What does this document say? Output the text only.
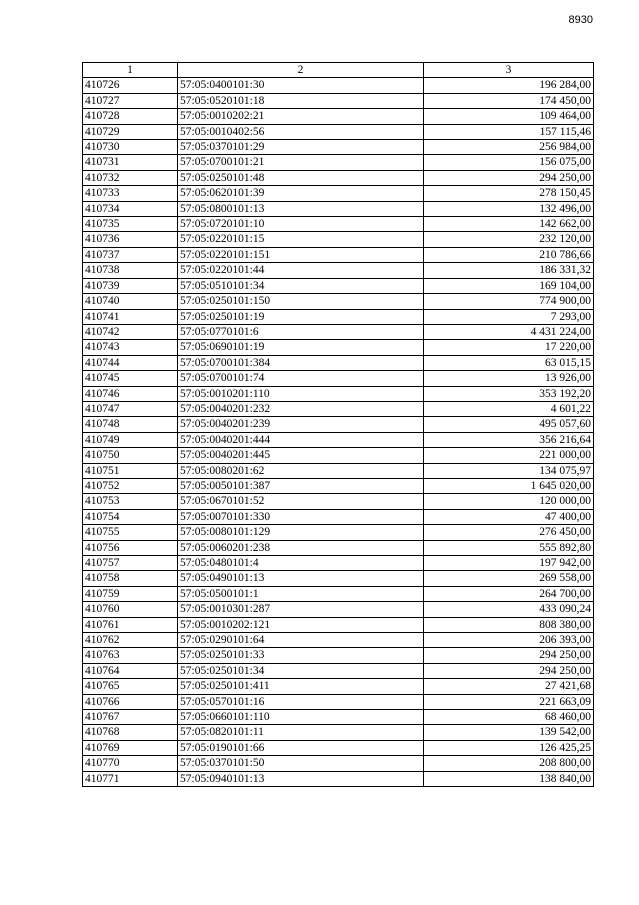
8930
1	2	3
410726	57:05:0400101:30	196 284,00
410727	57:05:0520101:18	174 450,00
410728	57:05:0010202:21	109 464,00
410729	57:05:0010402:56	157 115,46
410730	57:05:0370101:29	256 984,00
410731	57:05:0700101:21	156 075,00
410732	57:05:0250101:48	294 250,00
410733	57:05:0620101:39	278 150,45
410734	57:05:0800101:13	132 496,00
410735	57:05:0720101:10	142 662,00
410736	57:05:0220101:15	232 120,00
410737	57:05:0220101:151	210 786,66
410738	57:05:0220101:44	186 331,32
410739	57:05:0510101:34	169 104,00
410740	57:05:0250101:150	774 900,00
410741	57:05:0250101:19	7 293,00
410742	57:05:0770101:6	4 431 224,00
410743	57:05:0690101:19	17 220,00
410744	57:05:0700101:384	63 015,15
410745	57:05:0700101:74	13 926,00
410746	57:05:0010201:110	353 192,20
410747	57:05:0040201:232	4 601,22
410748	57:05:0040201:239	495 057,60
410749	57:05:0040201:444	356 216,64
410750	57:05:0040201:445	221 000,00
410751	57:05:0080201:62	134 075,97
410752	57:05:0050101:387	1 645 020,00
410753	57:05:0670101:52	120 000,00
410754	57:05:0070101:330	47 400,00
410755	57:05:0080101:129	276 450,00
410756	57:05:0060201:238	555 892,80
410757	57:05:0480101:4	197 942,00
410758	57:05:0490101:13	269 558,00
410759	57:05:0500101:1	264 700,00
410760	57:05:0010301:287	433 090,24
410761	57:05:0010202:121	808 380,00
410762	57:05:0290101:64	206 393,00
410763	57:05:0250101:33	294 250,00
410764	57:05:0250101:34	294 250,00
410765	57:05:0250101:411	27 421,68
410766	57:05:0570101:16	221 663,09
410767	57:05:0660101:110	68 460,00
410768	57:05:0820101:11	139 542,00
410769	57:05:0190101:66	126 425,25
410770	57:05:0370101:50	208 800,00
410771	57:05:0940101:13	138 840,00
